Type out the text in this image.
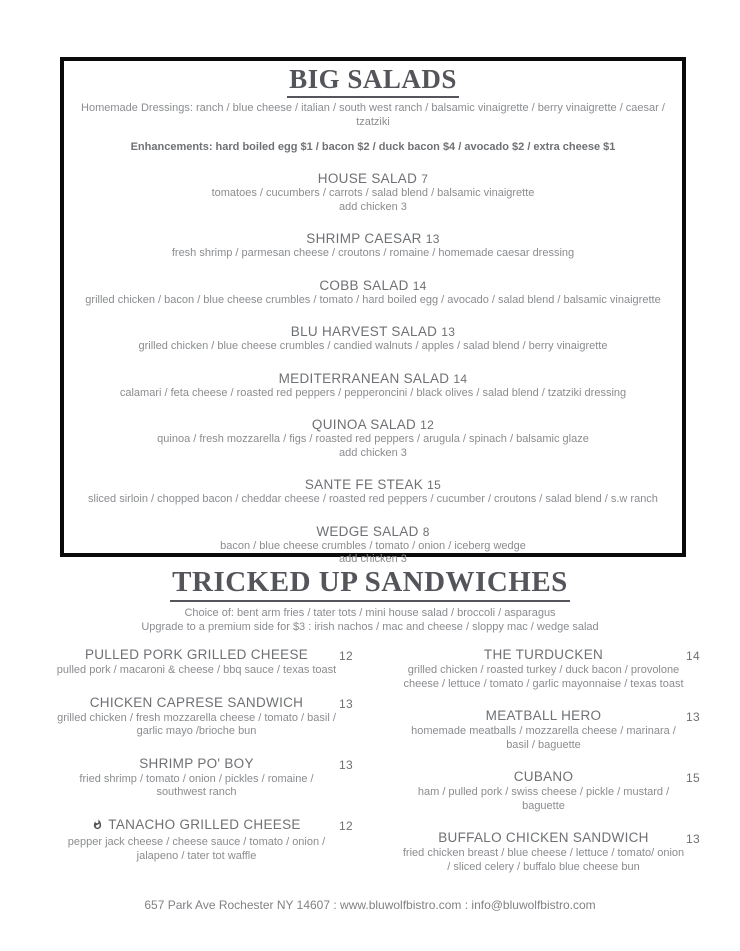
BIG SALADS
Homemade Dressings: ranch / blue cheese / italian / south west ranch / balsamic vinaigrette / berry vinaigrette / caesar / tzatziki
Enhancements: hard boiled egg $1 / bacon $2 / duck bacon $4 / avocado $2 / extra cheese $1
HOUSE SALAD 7
tomatoes / cucumbers / carrots / salad blend / balsamic vinaigrette
add chicken 3
SHRIMP CAESAR 13
fresh shrimp / parmesan cheese / croutons / romaine / homemade caesar dressing
COBB SALAD 14
grilled chicken / bacon / blue cheese crumbles / tomato / hard boiled egg / avocado / salad blend / balsamic vinaigrette
BLU HARVEST SALAD 13
grilled chicken / blue cheese crumbles / candied walnuts / apples / salad blend / berry vinaigrette
MEDITERRANEAN SALAD 14
calamari / feta cheese / roasted red peppers / pepperoncini / black olives / salad blend / tzatziki dressing
QUINOA SALAD 12
quinoa / fresh mozzarella / figs / roasted red peppers / arugula / spinach / balsamic glaze
add chicken 3
SANTE FE STEAK 15
sliced sirloin / chopped bacon / cheddar cheese / roasted red peppers / cucumber / croutons / salad blend / s.w ranch
WEDGE SALAD 8
bacon / blue cheese crumbles / tomato / onion / iceberg wedge
add chicken 3
TRICKED UP SANDWICHES
Choice of: bent arm fries / tater tots / mini house salad / broccoli / asparagus
Upgrade to a premium side for $3 : irish nachos / mac and cheese / sloppy mac / wedge salad
PULLED PORK GRILLED CHEESE	12
pulled pork / macaroni & cheese / bbq sauce / texas toast
CHICKEN CAPRESE SANDWICH	13
grilled chicken / fresh mozzarella cheese / tomato / basil / garlic mayo /brioche bun
SHRIMP PO' BOY	13
fried shrimp / tomato / onion / pickles / romaine / southwest ranch
TANACHO GRILLED CHEESE	12
pepper jack cheese / cheese sauce / tomato / onion / jalapeno / tater tot waffle
THE TURDUCKEN	14
grilled chicken / roasted turkey / duck bacon / provolone cheese / lettuce / tomato / garlic mayonnaise / texas toast
MEATBALL HERO	13
homemade meatballs / mozzarella cheese / marinara / basil / baguette
CUBANO	15
ham / pulled pork / swiss cheese / pickle / mustard / baguette
BUFFALO CHICKEN SANDWICH	13
fried chicken breast / blue cheese / lettuce / tomato/ onion / sliced celery / buffalo blue cheese bun
657 Park Ave Rochester NY 14607 : www.bluwolfbistro.com : info@bluwolfbistro.com
